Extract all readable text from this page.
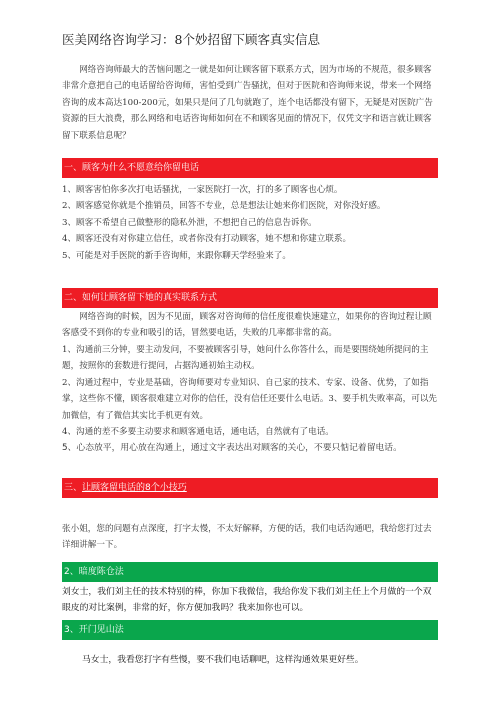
医美网络咨询学习：8个妙招留下顾客真实信息

网络咨询师最大的苦恼问题之一就是如何让顾客留下联系方式，因为市场的不规范，很多顾客非常介意把自己的电话留给咨询师，害怕受到广告骚扰，但对于医院和咨询师来说，带来一个网络咨询的成本高达100-200元，如果只是问了几句就跑了，连个电话都没有留下，无疑是对医院广告资源的巨大浪费，那么网络和电话咨询师如何在不和顾客见面的情况下，仅凭文字和语言就让顾客留下联系信息呢？

一、顾客为什么不愿意给你留电话
1、顾客害怕你多次打电话骚扰，一家医院打一次，打的多了顾客也心烦。
2、顾客感觉你就是个推销员，回答不专业，总是想法让她来你们医院，对你没好感。
3、顾客不希望自己做整形的隐私外泄，不想把自己的信息告诉你。
4、顾客还没有对你建立信任，或者你没有打动顾客，她不想和你建立联系。
5、可能是对手医院的新手咨询师，来跟你聊天学经验来了。
二、如何让顾客留下她的真实联系方式

网络咨询的时候，因为不见面，顾客对咨询师的信任度很难快速建立，如果你的咨询过程让顾客感受不到你的专业和吸引的话，冒然要电话，失败的几率都非常的高。

1、沟通前三分钟，要主动发问，不要被顾客引导，她问什么你答什么，而是要围绕她所提问的主题，按照你的套数进行提问，占据沟通初始主动权。
2、沟通过程中，专业是基础，咨询师要对专业知识、自己家的技术、专家、设备、优势，了如指掌，这些你不懂，顾客很难建立对你的信任，没有信任还要什么电话。3、要手机失败率高，可以先加微信，有了微信其实比手机更有效。
4、沟通的差不多要主动要求和顾客通电话，通电话，自然就有了电话。
5、心态放平，用心放在沟通上，通过文字表达出对顾客的关心，不要只惦记着留电话。
三、让顾客留电话的8个小技巧

张小姐，您的问题有点深度，打字太慢，不太好解释，方便的话，我们电话沟通吧，我给您打过去详细讲解一下。

2、暗度陈仓法

刘女士，我们刘主任的技术特别的棒，你加下我微信，我给你发下我们刘主任上个月做的一个双眼皮的对比案例，非常的好，你方便加我吗？我来加你也可以。

3、开门见山法

马女士，我看您打字有些慢，要不我们电话聊吧，这样沟通效果更好些。
